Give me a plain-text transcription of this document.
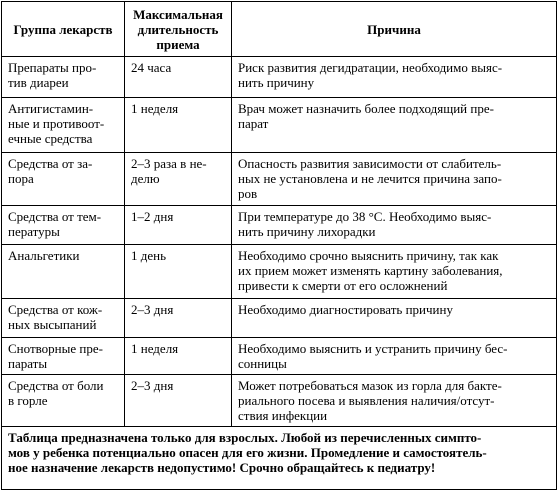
Группа лекарств	Максимальная
длительность
приема	Причина

Препараты про-
тив диареи	24 часа	Риск развития дегидратации, необходимо выяс-
нить причину

Антигистамин-
ные и противоот-
ечные средства	1 неделя	Врач может назначить более подходящий пре-
парат

Средства от за-
пора	2–3 раза в не-
делю	Опасность развития зависимости от слабитель-
ных не установлена и не лечится причина запо-
ров

Средства от тем-
пературы	1–2 дня	При температуре до 38 °С. Необходимо выяс-
нить причину лихорадки

Анальгетики	1 день	Необходимо срочно выяснить причину, так как
их прием может изменять картину заболевания,
привести к смерти от его осложнений

Средства от кож-
ных высыпаний	2–3 дня	Необходимо диагностировать причину

Снотворные пре-
параты	1 неделя	Необходимо выяснить и устранить причину бес-
сонницы

Средства от боли
в горле	2–3 дня	Может потребоваться мазок из горла для бакте-
риального посева и выявления наличия/отсут-
ствия инфекции

Таблица предназначена только для взрослых. Любой из перечисленных симпто-
мов у ребенка потенциально опасен для его жизни. Промедление и самостоятель-
ное назначение лекарств недопустимо! Срочно обращайтесь к педиатру!		
